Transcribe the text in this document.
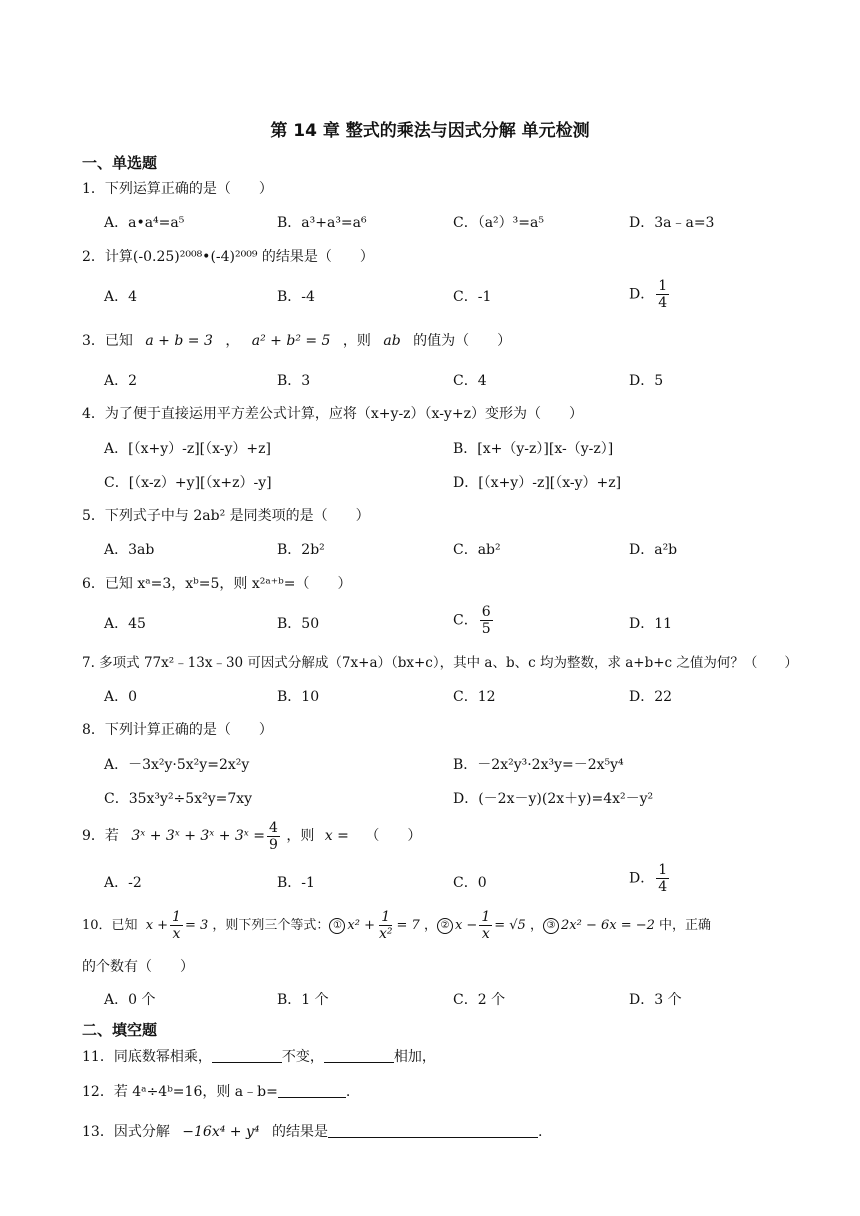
第 14 章 整式的乘法与因式分解 单元检测
一、单选题
1．下列运算正确的是（　　）
A．a•a⁴=a⁵	B．a³+a³=a⁶	C．（a²）³=a⁵	D．3a﹣a=3
2．计算(-0.25)²⁰⁰⁸•(-4)²⁰⁰⁹ 的结果是（　　）
A．4	B．-4	C．-1	D． $\frac{1}{4}$
3．已知 a + b = 3 ， a² + b² = 5 ，则 ab 的值为（　　）
A．2	B．3	C．4	D．5
4．为了便于直接运用平方差公式计算，应将（x+y-z）（x-y+z）变形为（　　）
A．[（x+y）-z][（x-y）+z]	B．[x+（y-z）][x-（y-z）]
C．[（x-z）+y][（x+z）-y]	D．[（x+y）-z][（x-y）+z]
5．下列式子中与 2ab² 是同类项的是（　　）
A．3ab	B．2b²	C．ab²	D．a²b
6．已知 xᵃ=3，xᵇ=5，则 x²ᵃ⁺ᵇ=（　　）
A．45	B．50	C． $\frac{6}{5}$	D．11
7. 多项式 77x²﹣13x﹣30 可因式分解成（7x+a）（bx+c），其中 a、b、c 均为整数，求 a+b+c 之值为何？（　　）
A．0	B．10	C．12	D．22
8．下列计算正确的是（　　）
A．－3x²y·5x²y=2x²y	B．－2x²y³·2x³y=－2x⁵y⁴
C．35x³y²÷5x²y=7xy	D．(－2x－y)(2x＋y)=4x²－y²
9．若 3ˣ + 3ˣ + 3ˣ + 3ˣ = $\frac{4}{9}$ ，则 x = （　　）
A．-2	B．-1	C．0	D． $\frac{1}{4}$
10．已知 $x + \frac{1}{x} = 3$ ，则下列三个等式： ① $x^2 + \frac{1}{\text{x²}} = 7$ ， ② $x - \frac{1}{x} = √5$ ， ③ 2x² − 6x = −2 中，正确
的个数有（　　）
A．0 个	B．1 个	C．2 个	D．3 个
二、填空题
11．同底数幂相乘，	不变，	相加，
12．若 4ᵃ÷4ᵇ=16，则 a﹣b=	.
13．因式分解 −16x⁴ + y⁴ 的结果是	.
